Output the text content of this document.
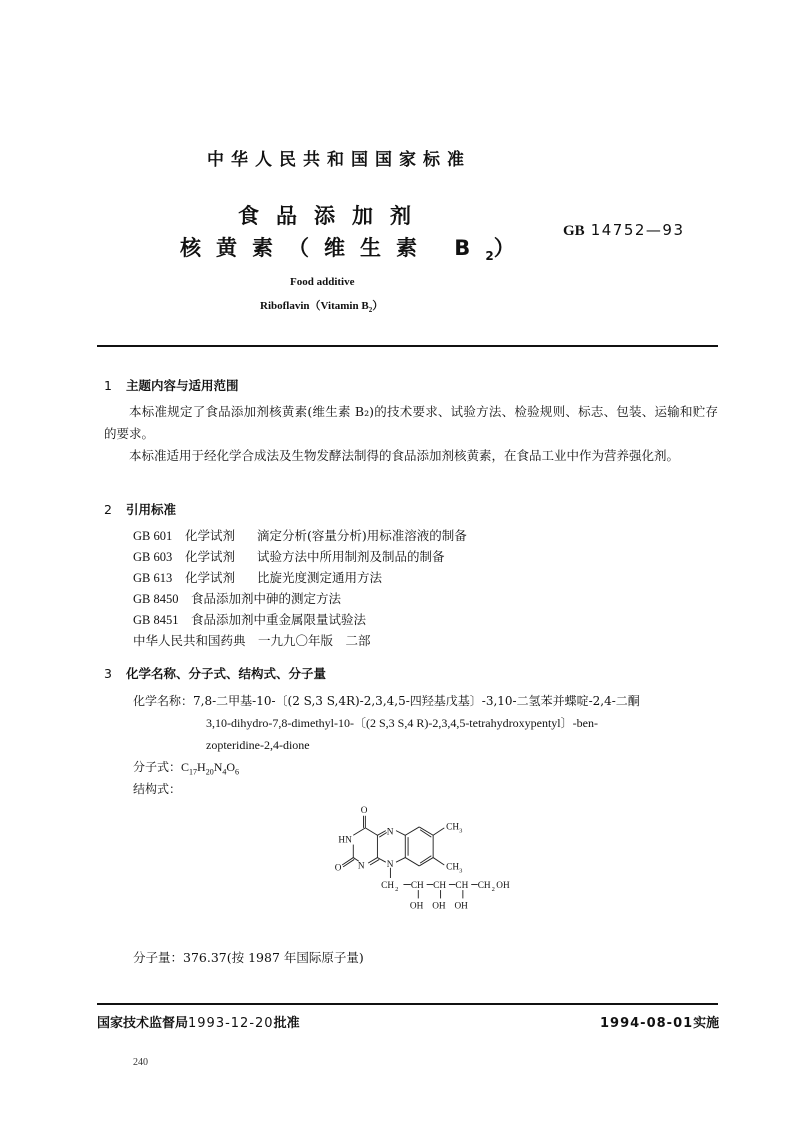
中华人民共和国国家标准
食品添加剂
核黄素（维生素 $B_2$）
GB 14752—93
Food additive
Riboflavin（Vitamin $B_2$）
1 主题内容与适用范围
本标准规定了食品添加剂核黄素(维生素 B₂)的技术要求、试验方法、检验规则、标志、包装、运输和贮存的要求。
本标准适用于经化学合成法及生物发酵法制得的食品添加剂核黄素，在食品工业中作为营养强化剂。
2 引用标准
GB 601 化学试剂 滴定分析(容量分析)用标准溶液的制备
GB 603 化学试剂 试验方法中所用制剂及制品的制备
GB 613 化学试剂 比旋光度测定通用方法
GB 8450 食品添加剂中砷的测定方法
GB 8451 食品添加剂中重金属限量试验法
中华人民共和国药典　一九九〇年版　二部
3 化学名称、分子式、结构式、分子量
化学名称：7,8-二甲基-10-〔(2 S,3 S,4R)-2,3,4,5-四羟基戊基〕-3,10-二氢苯并蝶啶-2,4-二酮
3,10-dihydro-7,8-dimethyl-10-〔(2 S,3 S,4 R)-2,3,4,5-tetrahydroxypentyl〕-ben-
zopteridine-2,4-dione
分子式：$C_{17}H_{20}N_4O_6$
结构式：
O
HN
N
O N N
CH 3
CH 3
CH 2 CH CH CH CH 2 OH
OH OH OH
分子量：376.37(按 1987 年国际原子量)
国家技术监督局1993-12-20批准	1994-08-01实施
240
